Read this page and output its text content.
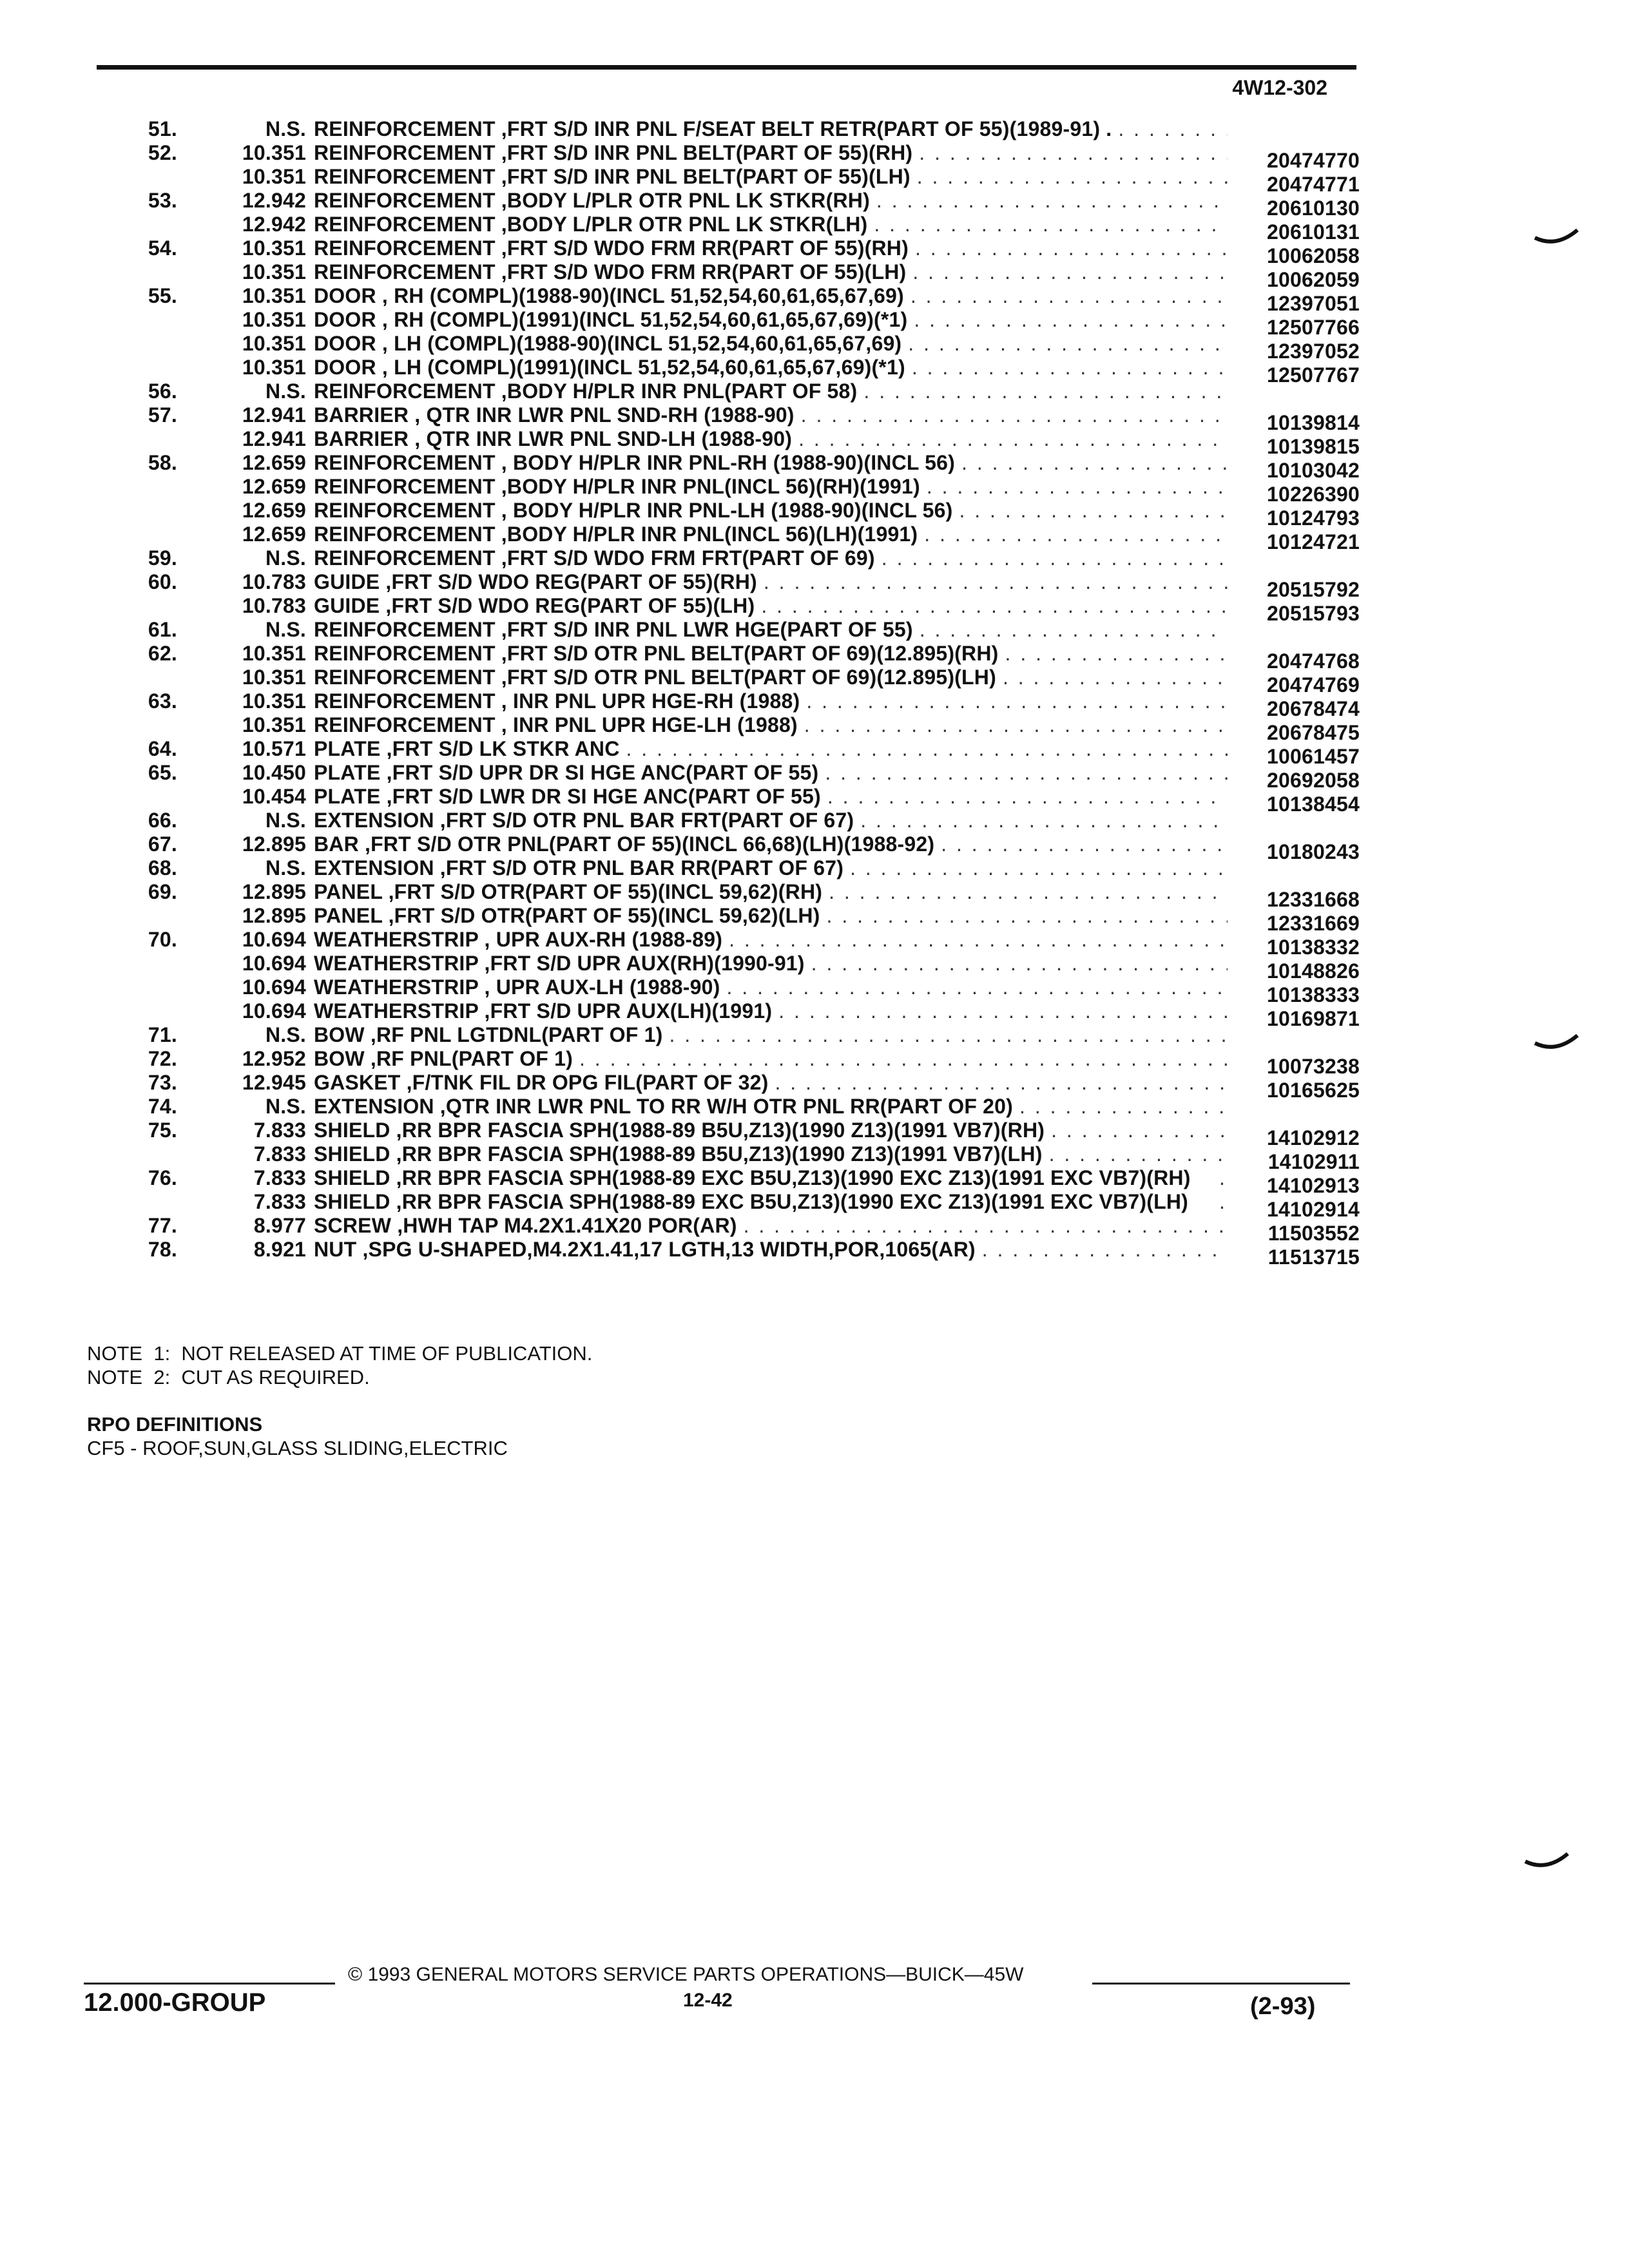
4W12-302
51.	N.S. REINFORCEMENT ,FRT S/D INR PNL F/SEAT BELT RETR(PART OF 55)(1989-91) .
. . .
52.	10.351 REINFORCEMENT ,FRT S/D INR PNL BELT(PART OF 55)(RH) . . .	20474770
10.351 REINFORCEMENT ,FRT S/D INR PNL BELT(PART OF 55)(LH) . . .	20474771
53.	12.942 REINFORCEMENT ,BODY L/PLR OTR PNL LK STKR(RH) . . .	20610130
12.942 REINFORCEMENT ,BODY L/PLR OTR PNL LK STKR(LH) . . .	20610131
54.	10.351 REINFORCEMENT ,FRT S/D WDO FRM RR(PART OF 55)(RH) . . .	10062058
10.351 REINFORCEMENT ,FRT S/D WDO FRM RR(PART OF 55)(LH) . . .	10062059
55.	10.351 DOOR , RH (COMPL)(1988-90)(INCL 51,52,54,60,61,65,67,69) . . .	12397051
10.351 DOOR , RH (COMPL)(1991)(INCL 51,52,54,60,61,65,67,69)(*1) . . .	12507766
10.351 DOOR , LH (COMPL)(1988-90)(INCL 51,52,54,60,61,65,67,69) . . .	12397052
10.351 DOOR , LH (COMPL)(1991)(INCL 51,52,54,60,61,65,67,69)(*1) . . .	12507767
56.	N.S. REINFORCEMENT ,BODY H/PLR INR PNL(PART OF 58)
. . .
57.	12.941 BARRIER , QTR INR LWR PNL SND-RH (1988-90) . . .	10139814
12.941 BARRIER , QTR INR LWR PNL SND-LH (1988-90) . . .	10139815
58.	12.659 REINFORCEMENT , BODY H/PLR INR PNL-RH (1988-90)(INCL 56) . . .	10103042
12.659 REINFORCEMENT ,BODY H/PLR INR PNL(INCL 56)(RH)(1991) . . .	10226390
12.659 REINFORCEMENT , BODY H/PLR INR PNL-LH (1988-90)(INCL 56) . . .	10124793
12.659 REINFORCEMENT ,BODY H/PLR INR PNL(INCL 56)(LH)(1991) . . .	10124721
59.	N.S. REINFORCEMENT ,FRT S/D WDO FRM FRT(PART OF 69)
. . .
60.	10.783 GUIDE ,FRT S/D WDO REG(PART OF 55)(RH) . . .	20515792
10.783 GUIDE ,FRT S/D WDO REG(PART OF 55)(LH) . . .	20515793
61.	N.S. REINFORCEMENT ,FRT S/D INR PNL LWR HGE(PART OF 55)
. . .
62.	10.351 REINFORCEMENT ,FRT S/D OTR PNL BELT(PART OF 69)(12.895)(RH) . . .	20474768
10.351 REINFORCEMENT ,FRT S/D OTR PNL BELT(PART OF 69)(12.895)(LH) . . .	20474769
63.	10.351 REINFORCEMENT , INR PNL UPR HGE-RH (1988) . . .	20678474
10.351 REINFORCEMENT , INR PNL UPR HGE-LH (1988) . . .	20678475
64.	10.571 PLATE ,FRT S/D LK STKR ANC . . .	10061457
65.	10.450 PLATE ,FRT S/D UPR DR SI HGE ANC(PART OF 55) . . .	20692058
10.454 PLATE ,FRT S/D LWR DR SI HGE ANC(PART OF 55) . . .	10138454
66.	N.S. EXTENSION ,FRT S/D OTR PNL BAR FRT(PART OF 67)
. . .
67.	12.895 BAR ,FRT S/D OTR PNL(PART OF 55)(INCL 66,68)(LH)(1988-92) . . .	10180243
68.	N.S. EXTENSION ,FRT S/D OTR PNL BAR RR(PART OF 67)
. . .
69.	12.895 PANEL ,FRT S/D OTR(PART OF 55)(INCL 59,62)(RH) . . .	12331668
12.895 PANEL ,FRT S/D OTR(PART OF 55)(INCL 59,62)(LH) . . .	12331669
70.	10.694 WEATHERSTRIP , UPR AUX-RH (1988-89) . . .	10138332
10.694 WEATHERSTRIP ,FRT S/D UPR AUX(RH)(1990-91) . . .	10148826
10.694 WEATHERSTRIP , UPR AUX-LH (1988-90) . . .	10138333
10.694 WEATHERSTRIP ,FRT S/D UPR AUX(LH)(1991) . . .	10169871
71.	N.S. BOW ,RF PNL LGTDNL(PART OF 1)
. . .
72.	12.952 BOW ,RF PNL(PART OF 1) . . .	10073238
73.	12.945 GASKET ,F/TNK FIL DR OPG FIL(PART OF 32) . . .	10165625
74.	N.S. EXTENSION ,QTR INR LWR PNL TO RR W/H OTR PNL RR(PART OF 20)
. . .
75.	7.833 SHIELD ,RR BPR FASCIA SPH(1988-89 B5U,Z13)(1990 Z13)(1991 VB7)(RH) . . .	14102912
7.833 SHIELD ,RR BPR FASCIA SPH(1988-89 B5U,Z13)(1990 Z13)(1991 VB7)(LH) . . .	14102911
76.	7.833 SHIELD ,RR BPR FASCIA SPH(1988-89 EXC B5U,Z13)(1990 EXC Z13)(1991 EXC VB7)(RH) . . .	14102913
7.833 SHIELD ,RR BPR FASCIA SPH(1988-89 EXC B5U,Z13)(1990 EXC Z13)(1991 EXC VB7)(LH) . . .	14102914
77.	8.977 SCREW ,HWH TAP M4.2X1.41X20 POR(AR) . . .	11503552
78.	8.921 NUT ,SPG U-SHAPED,M4.2X1.41,17 LGTH,13 WIDTH,POR,1065(AR) . . .	11513715
NOTE  1:  NOT RELEASED AT TIME OF PUBLICATION.
NOTE  2:  CUT AS REQUIRED.
RPO DEFINITIONS
CF5 - ROOF,SUN,GLASS SLIDING,ELECTRIC
© 1993 GENERAL MOTORS SERVICE PARTS OPERATIONS—BUICK—45W
12.000-GROUP	12-42	(2-93)
